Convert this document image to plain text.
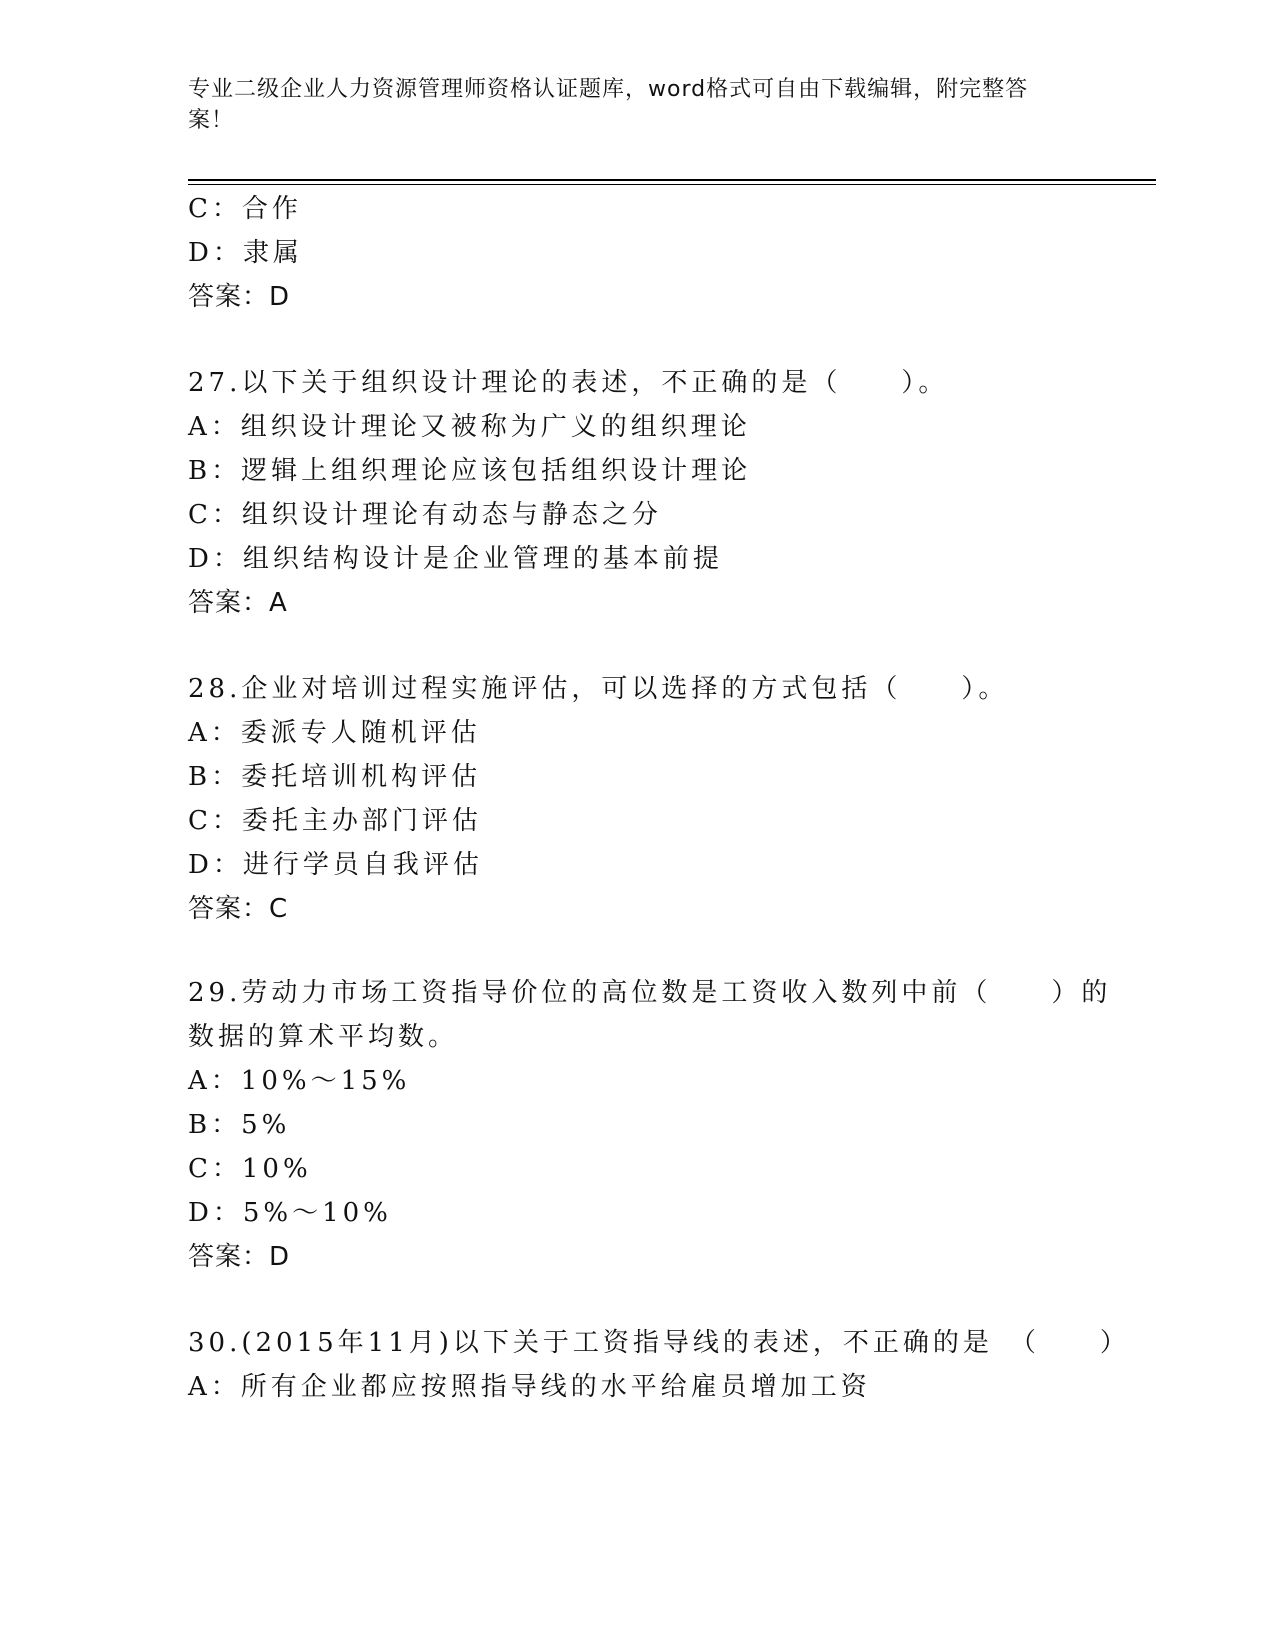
专业二级企业人力资源管理师资格认证题库，word格式可自由下载编辑，附完整答案！
C：合作
D：隶属
答案：D
27.以下关于组织设计理论的表述，不正确的是（　　）。
A：组织设计理论又被称为广义的组织理论
B：逻辑上组织理论应该包括组织设计理论
C：组织设计理论有动态与静态之分
D：组织结构设计是企业管理的基本前提
答案：A
28.企业对培训过程实施评估，可以选择的方式包括（　　）。
A：委派专人随机评估
B：委托培训机构评估
C：委托主办部门评估
D：进行学员自我评估
答案：C
29.劳动力市场工资指导价位的高位数是工资收入数列中前（　　）的
数据的算术平均数。
A：10%～15%
B：5%
C：10%
D：5%～10%
答案：D
30.(2015年11月)以下关于工资指导线的表述，不正确的是　（　　）
A：所有企业都应按照指导线的水平给雇员增加工资
